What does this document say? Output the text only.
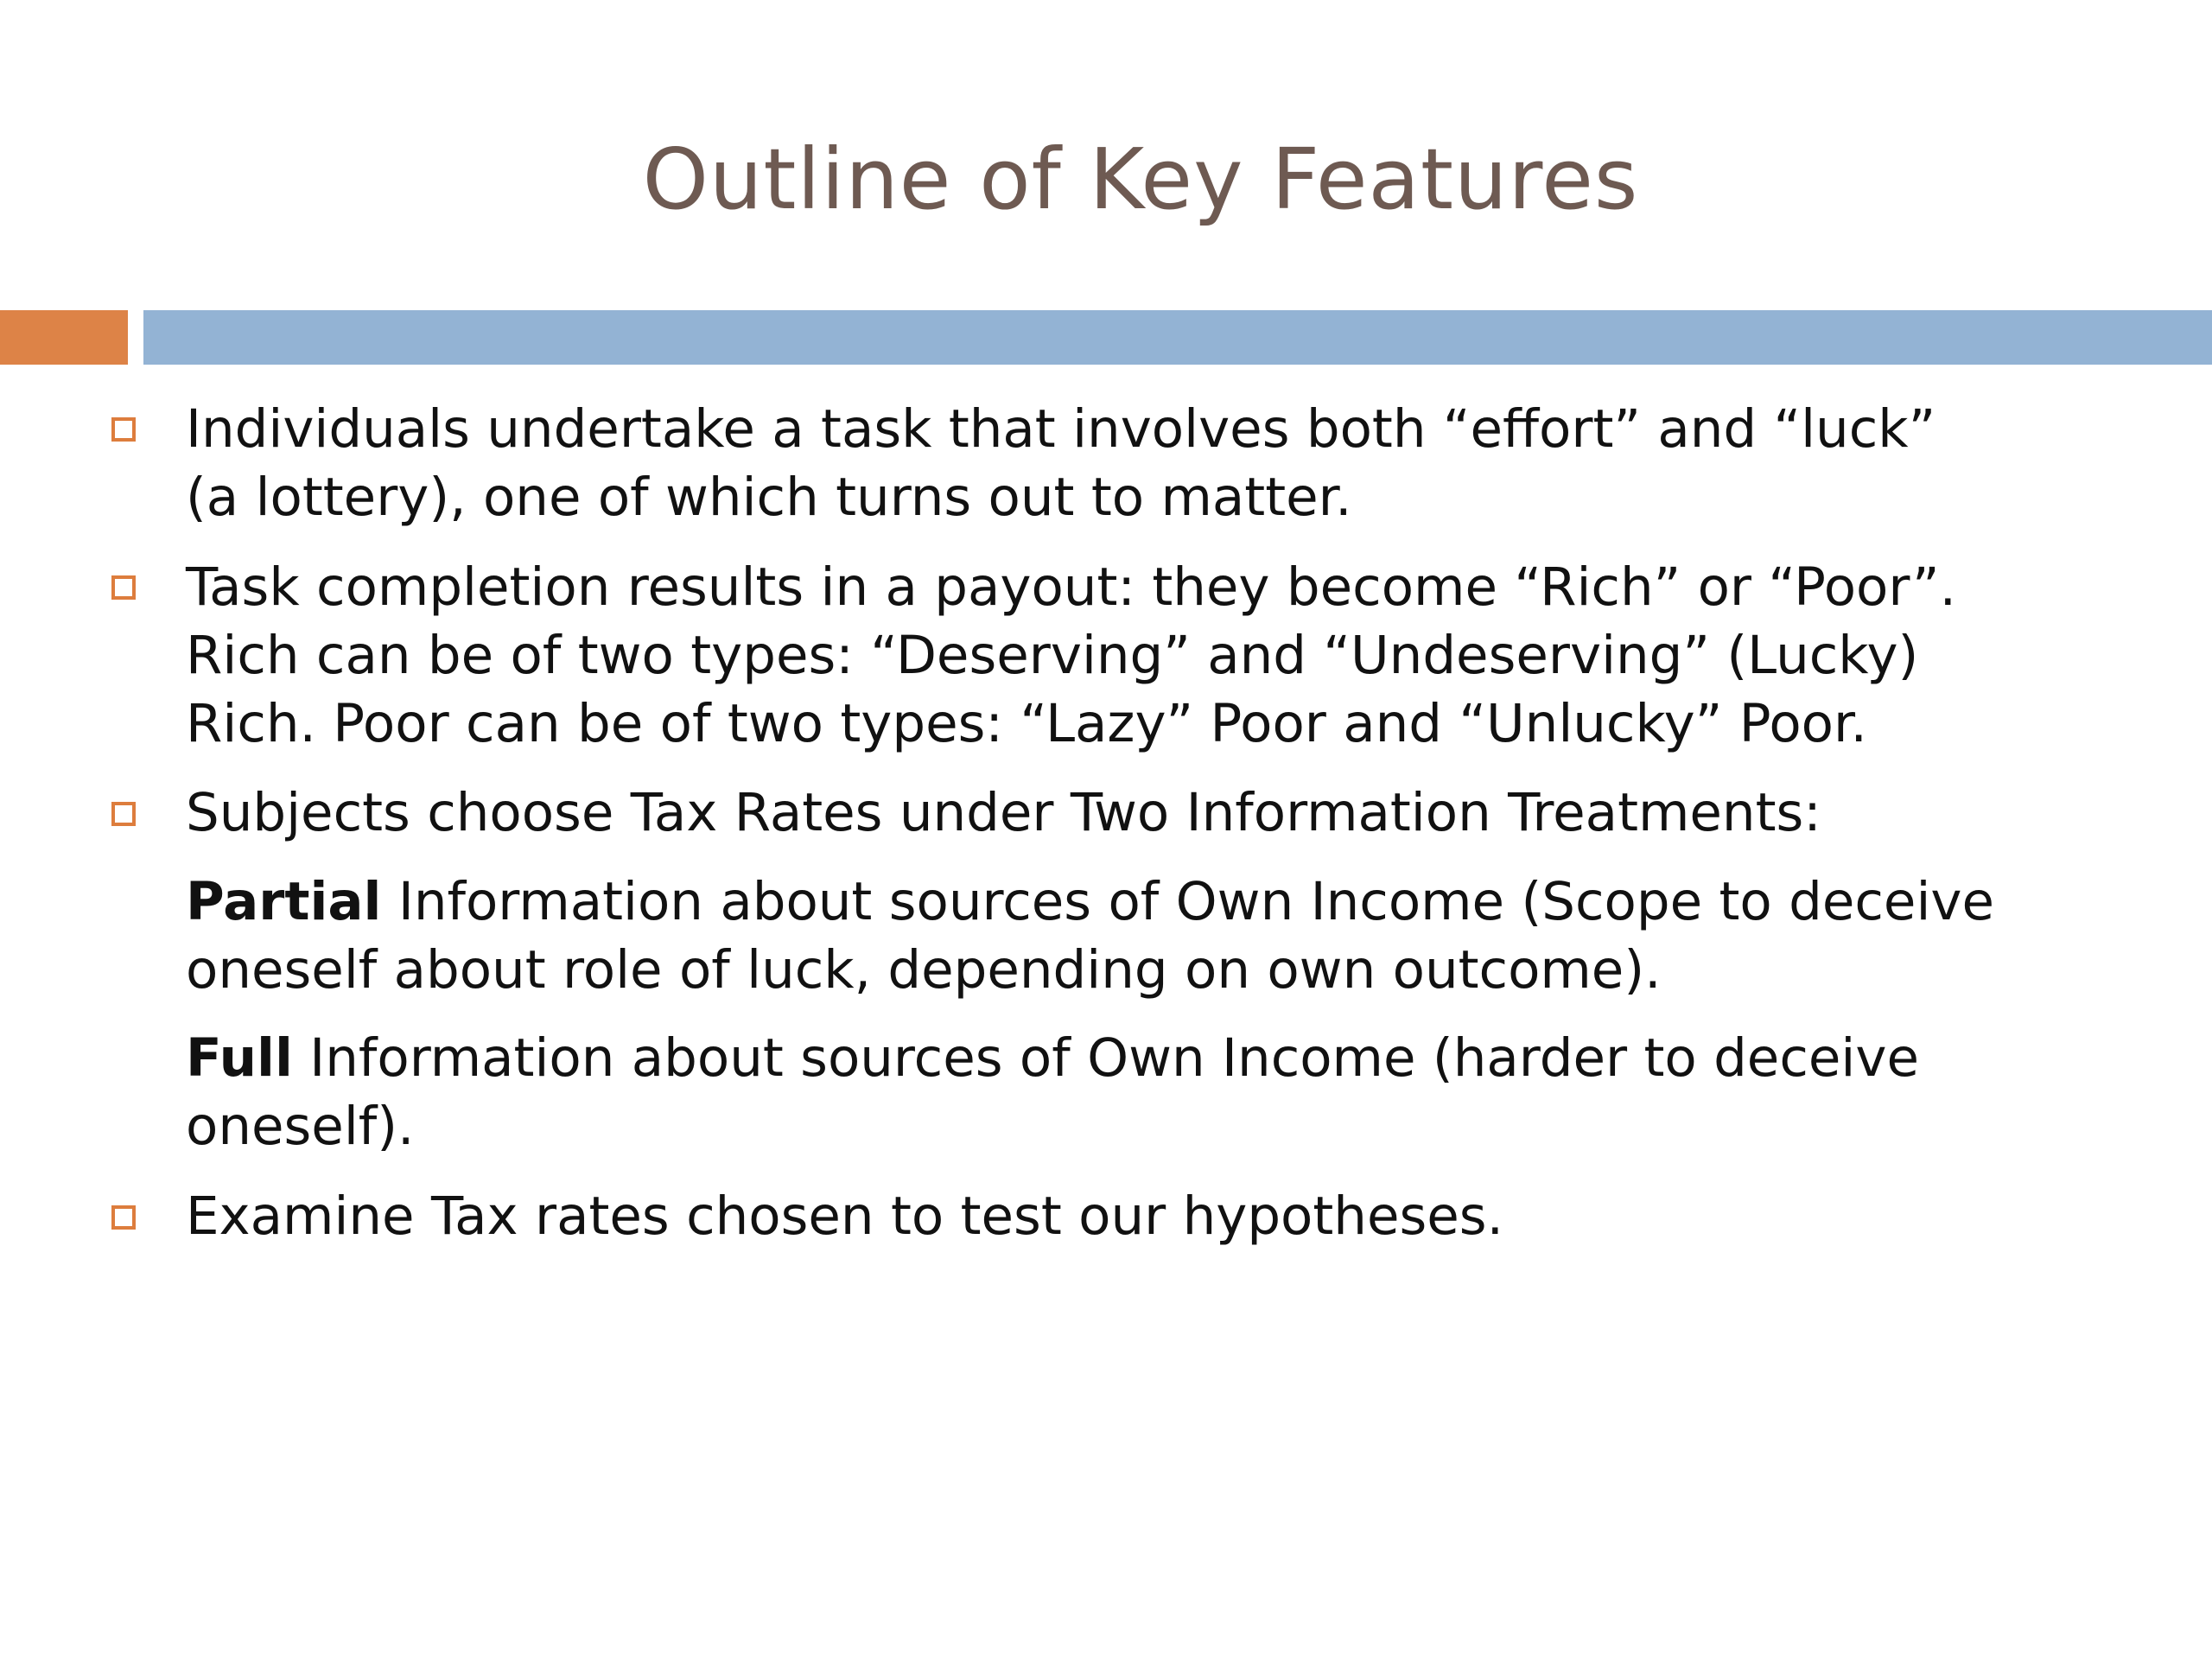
Outline of Key Features
Individuals undertake a task that involves both “effort” and “luck”
(a lottery), one of which turns out to matter.
Task completion results in a payout: they become “Rich” or “Poor”.
Rich can be of two types: “Deserving” and “Undeserving” (Lucky)
Rich. Poor can be of two types: “Lazy” Poor and “Unlucky” Poor.
Subjects choose Tax Rates under Two Information Treatments:
Partial Information about sources of Own Income (Scope to deceive
oneself about role of luck, depending on own outcome).
Full Information about sources of Own Income (harder to deceive
oneself).
Examine Tax rates chosen to test our hypotheses.
